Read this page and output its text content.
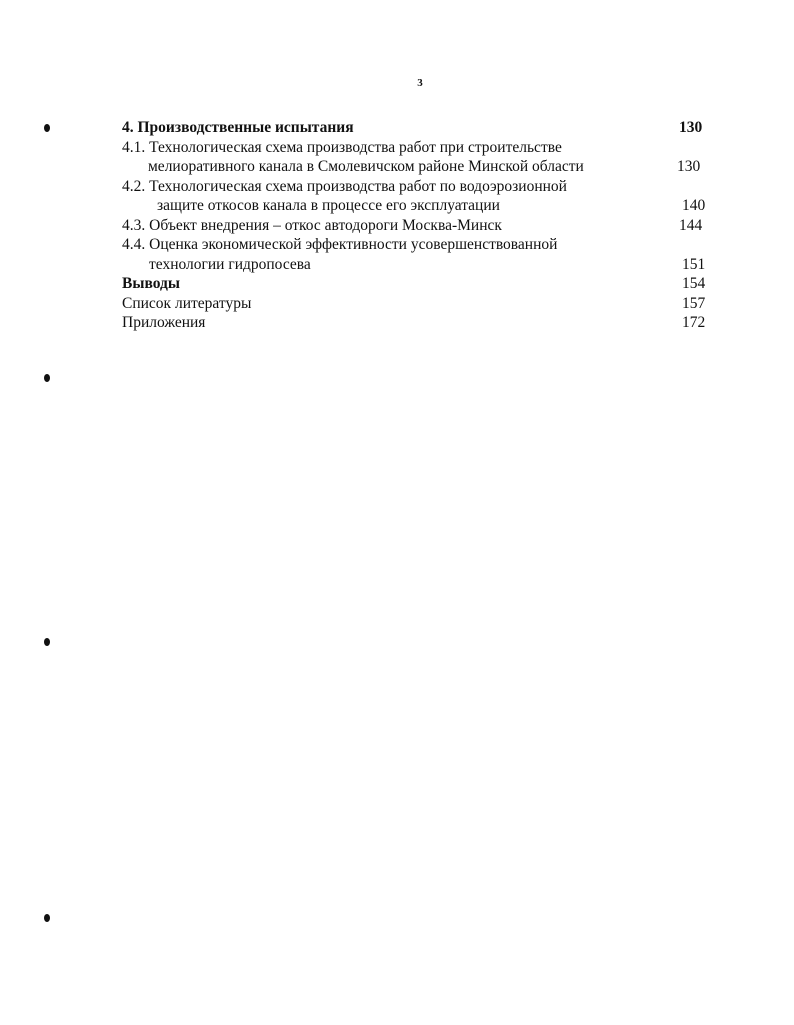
3
4. Производственные испытания	130
4.1. Технологическая схема производства работ при строительстве
мелиоративного канала в Смолевичском районе Минской области	130
4.2. Технологическая схема производства работ по водоэрозионной
защите откосов канала в процессе его эксплуатации	140
4.3. Объект внедрения – откос автодороги Москва-Минск	144
4.4. Оценка экономической эффективности усовершенствованной
технологии гидропосева	151
Выводы	154
Список литературы	157
Приложения	172
